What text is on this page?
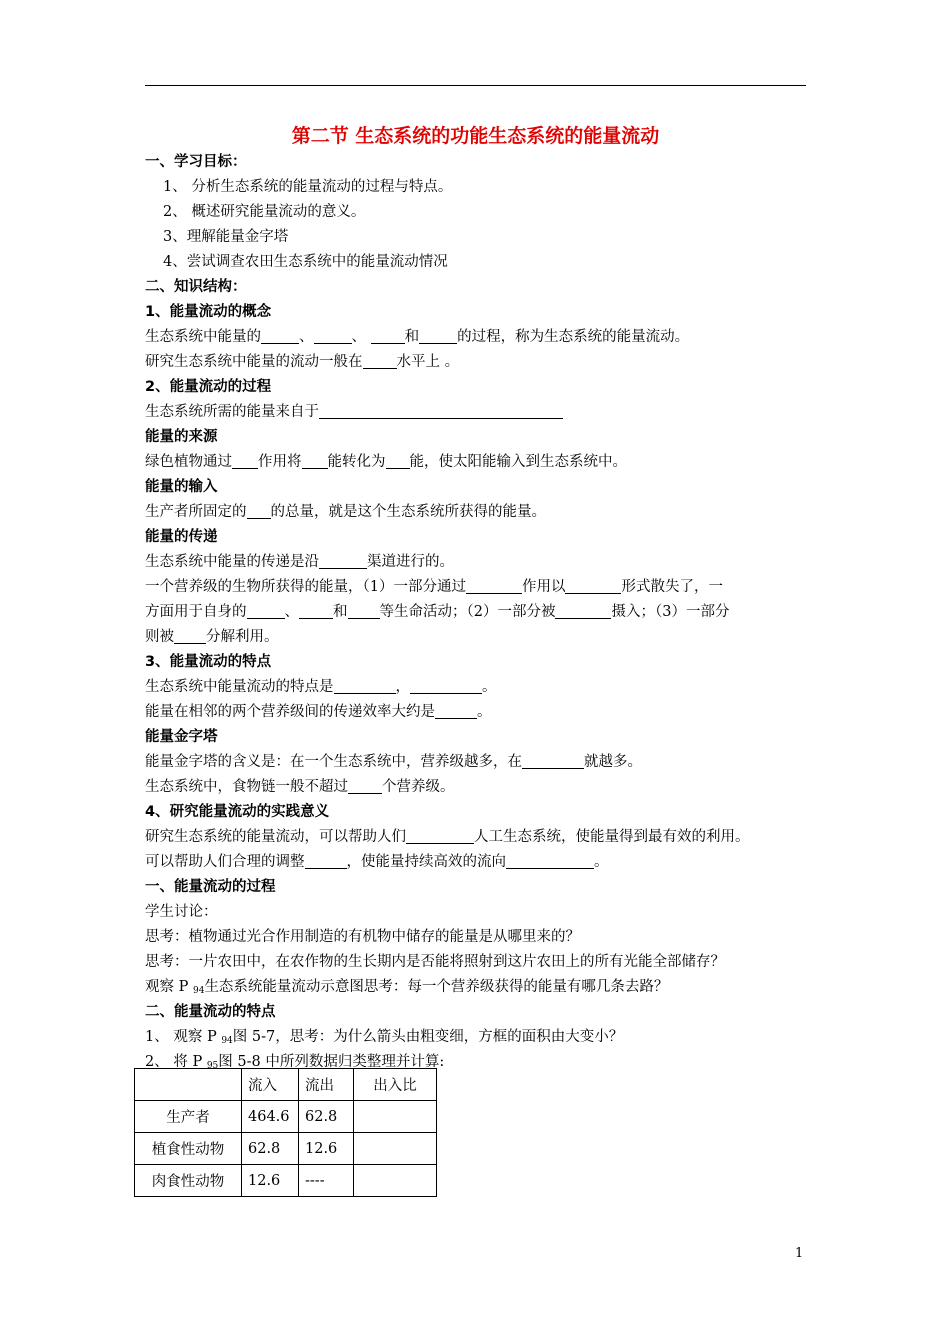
第二节 生态系统的功能生态系统的能量流动
一、学习目标：
1、 分析生态系统的能量流动的过程与特点。
2、 概述研究能量流动的意义。
3、理解能量金字塔
4、尝试调查农田生态系统中的能量流动情况
二、知识结构：
1、能量流动的概念
生态系统中能量的	、	、 和	的过程，称为生态系统的能量流动。
研究生态系统中能量的流动一般在 水平上 。
2、能量流动的过程
生态系统所需的能量来自于
能量的来源
绿色植物通过 作用将 能转化为 能，使太阳能输入到生态系统中。
能量的输入
生产者所固定的 的总量，就是这个生态系统所获得的能量。
能量的传递
生态系统中能量的传递是沿	渠道进行的。
一个营养级的生物所获得的能量，（1）一部分通过	作用以	形式散失了，一
方面用于自身的	、 和 等生命活动；（2）一部分被	摄入；（3）一部分
则被 分解利用。
3、能量流动的特点
生态系统中能量流动的特点是	，	。
能量在相邻的两个营养级间的传递效率大约是	。
能量金字塔
能量金字塔的含义是：在一个生态系统中，营养级越多，在	就越多。
生态系统中，食物链一般不超过 个营养级。
4、研究能量流动的实践意义
研究生态系统的能量流动，可以帮助人们	人工生态系统，使能量得到最有效的利用。
可以帮助人们合理的调整	，使能量持续高效的流向	。
一、能量流动的过程
学生讨论：
思考：植物通过光合作用制造的有机物中储存的能量是从哪里来的？
思考：一片农田中，在农作物的生长期内是否能将照射到这片农田上的所有光能全部储存？
观察 P $_{94}$生态系统能量流动示意图思考：每一个营养级获得的能量有哪几条去路？
二、能量流动的特点
1、 观察 P $_{94}$图 5-7，思考：为什么箭头由粗变细，方框的面积由大变小？
2、 将 P $_{95}$图 5-8 中所列数据归类整理并计算:
	流入	流出	出入比
生产者	464.6	62.8	
植食性动物	62.8	12.6	
肉食性动物	12.6	----	
1
